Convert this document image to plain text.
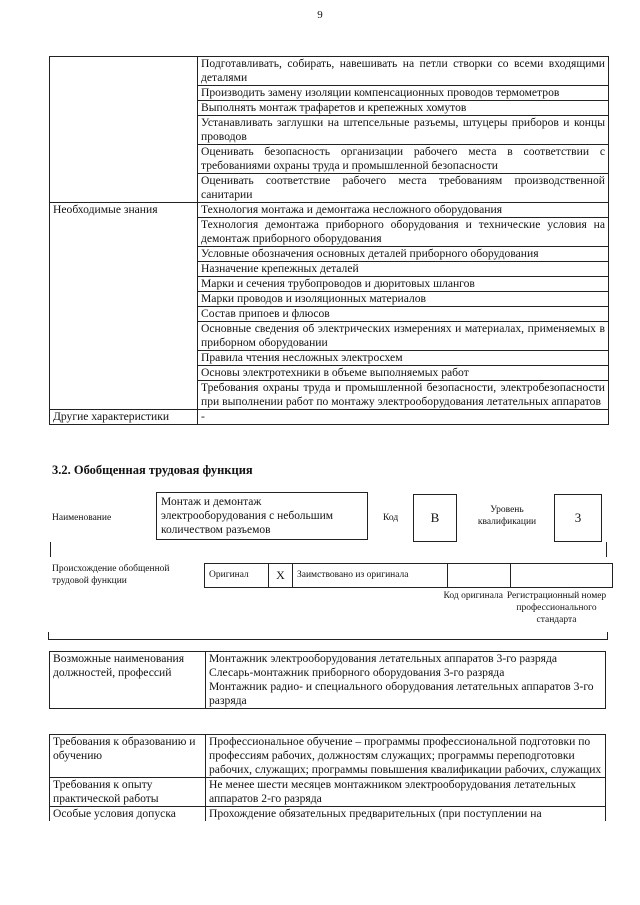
9
	Подготавливать, собирать, навешивать на петли створки со всеми входящими деталями
	Производить замену изоляции компенсационных проводов термометров
	Выполнять монтаж трафаретов и крепежных хомутов
	Устанавливать заглушки на штепсельные разъемы, штуцеры приборов и концы проводов
	Оценивать безопасность организации рабочего места в соответствии с требованиями охраны труда и промышленной безопасности
	Оценивать соответствие рабочего места требованиям производственной санитарии
Необходимые знания	Технология монтажа и демонтажа несложного оборудования
	Технология демонтажа приборного оборудования и технические условия на демонтаж приборного оборудования
	Условные обозначения основных деталей приборного оборудования
	Назначение крепежных деталей
	Марки и сечения трубопроводов и дюритовых шлангов
	Марки проводов и изоляционных материалов
	Состав припоев и флюсов
	Основные сведения об электрических измерениях и материалах, применяемых в приборном оборудовании
	Правила чтения несложных электросхем
	Основы электротехники в объеме выполняемых работ
	Требования охраны труда и промышленной безопасности, электробезопасности при выполнении работ по монтажу электрооборудования летательных аппаратов
Другие характеристики	-
3.2. Обобщенная трудовая функция
Наименование
Монтаж и демонтаж электрооборудования с небольшим количеством разъемов
Код	В	Уровень квалификации	3
Происхождение обобщенной трудовой функции
Оригинал	X	Заимствовано из оригинала
Код оригинала Регистрационный номер профессионального стандарта
Возможные наименования должностей, профессий	
Монтажник электрооборудования летательных аппаратов 3-го разряда
Слесарь-монтажник приборного оборудования 3-го разряда
Монтажник радио- и специального оборудования летательных аппаратов 3-го разряда
Требования к образованию и обучению	Профессиональное обучение – программы профессиональной подготовки по профессиям рабочих, должностям служащих; программы переподготовки рабочих, служащих; программы повышения квалификации рабочих, служащих
Требования к опыту практической работы	Не менее шести месяцев монтажником электрооборудования летательных аппаратов 2-го разряда
Особые условия допуска	Прохождение обязательных предварительных (при поступлении на
